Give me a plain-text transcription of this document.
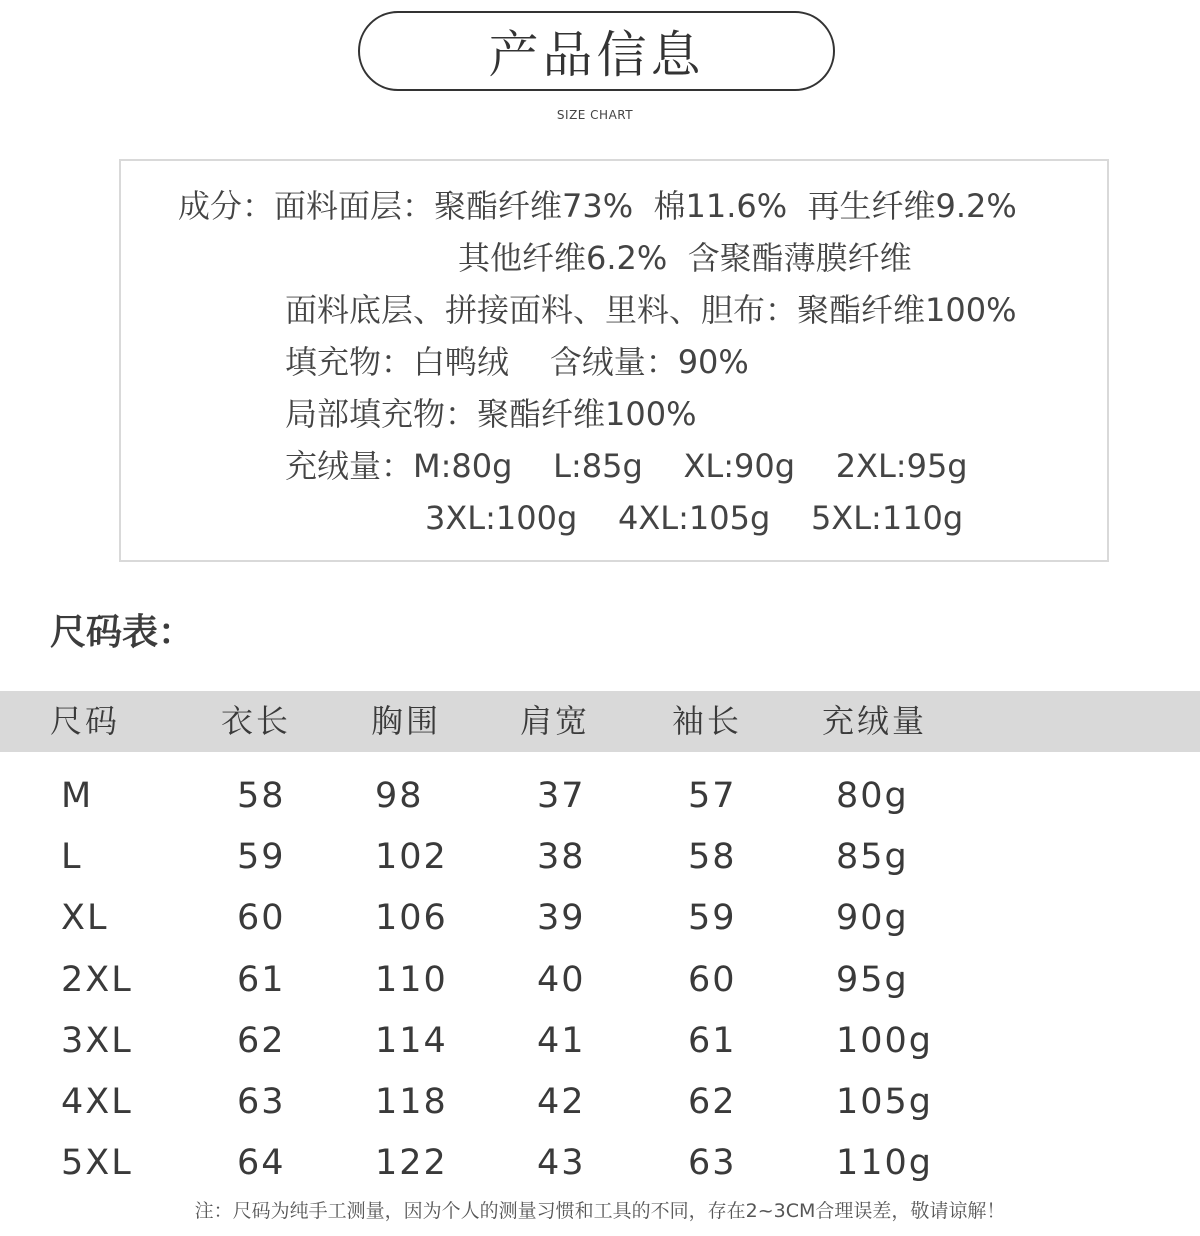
产品信息
SIZE CHART
成分：面料面层：聚酯纤维73%  棉11.6%  再生纤维9.2%
其他纤维6.2%  含聚酯薄膜纤维
面料底层、拼接面料、里料、胆布：聚酯纤维100%
填充物：白鸭绒    含绒量：90%
局部填充物：聚酯纤维100%
充绒量：M:80g    L:85g    XL:90g    2XL:95g
3XL:100g    4XL:105g    5XL:110g
尺码表：
尺码	衣长 胸围 肩宽	袖长 充绒量
M	58	98	37	57	80g
L	59	102	38	58	85g
XL	60	106	39	59	90g
2XL	61	110	40	60	95g
3XL	62	114	41	61	100g
4XL	63	118	42	62	105g
5XL	64	122	43	63	110g
注：尺码为纯手工测量，因为个人的测量习惯和工具的不同，存在2~3CM合理误差，敬请谅解！
